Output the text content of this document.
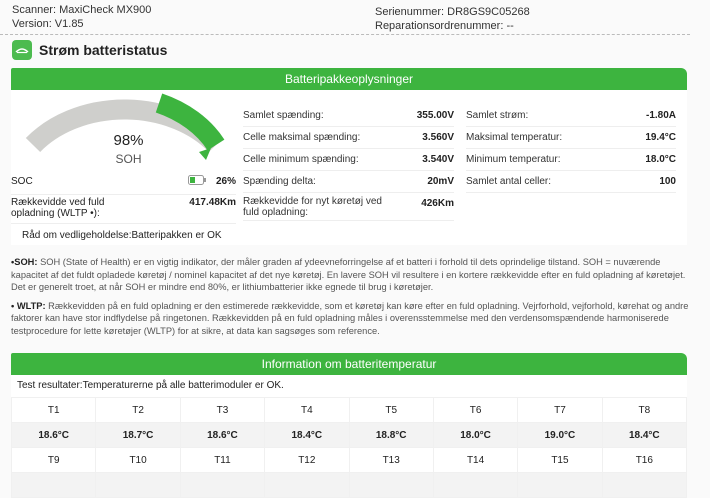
Scanner: MaxiCheck MX900
Version: V1.85
Serienummer: DR8GS9C05268
Reparationsordrenummer: --
Strøm batteristatus
Batteripakkeoplysninger
98%
SOH
SOC	26%
Rækkevidde ved fuld opladning (WLTP •):
417.48Km
Råd om vedligeholdelse:Batteripakken er OK
Samlet spænding:	355.00V
Celle maksimal spænding:	3.560V
Celle minimum spænding:	3.540V
Spænding delta:	20mV
Rækkevidde for nyt køretøj ved fuld opladning:
426Km
Samlet strøm:	-1.80A
Maksimal temperatur:	19.4°C
Minimum temperatur:	18.0°C
Samlet antal celler:	100

•SOH: SOH (State of Health) er en vigtig indikator, der måler graden af ydeevneforringelse af et batteri i forhold til dets oprindelige tilstand. SOH = nuværende kapacitet af det fuldt opladede køretøj / nominel kapacitet af det nye køretøj. En lavere SOH vil resultere i en kortere rækkevidde efter en fuld opladning af køretøjet. Det er generelt troet, at når SOH er mindre end 80%, er lithiumbatterier ikke egnede til brug i køretøjer.

• WLTP: Rækkevidden på en fuld opladning er den estimerede rækkevidde, som et køretøj kan køre efter en fuld opladning. Vejrforhold, vejforhold, kørehat og andre faktorer kan have stor indflydelse på ringetonen. Rækkevidden på en fuld opladning måles i overensstemmelse med den verdensomspændende harmoniserede testprocedure for lette køretøjer (WLTP) for at sikre, at data kan sagsøges som reference.

Information om batteritemperatur
Test resultater:Temperaturerne på alle batterimoduler er OK.
T1	T2	T3	T4	T5	T6	T7	T8
18.6°C	18.7°C	18.6°C	18.4°C	18.8°C	18.0°C	19.0°C	18.4°C
T9	T10	T11	T12	T13	T14	T15	T16
